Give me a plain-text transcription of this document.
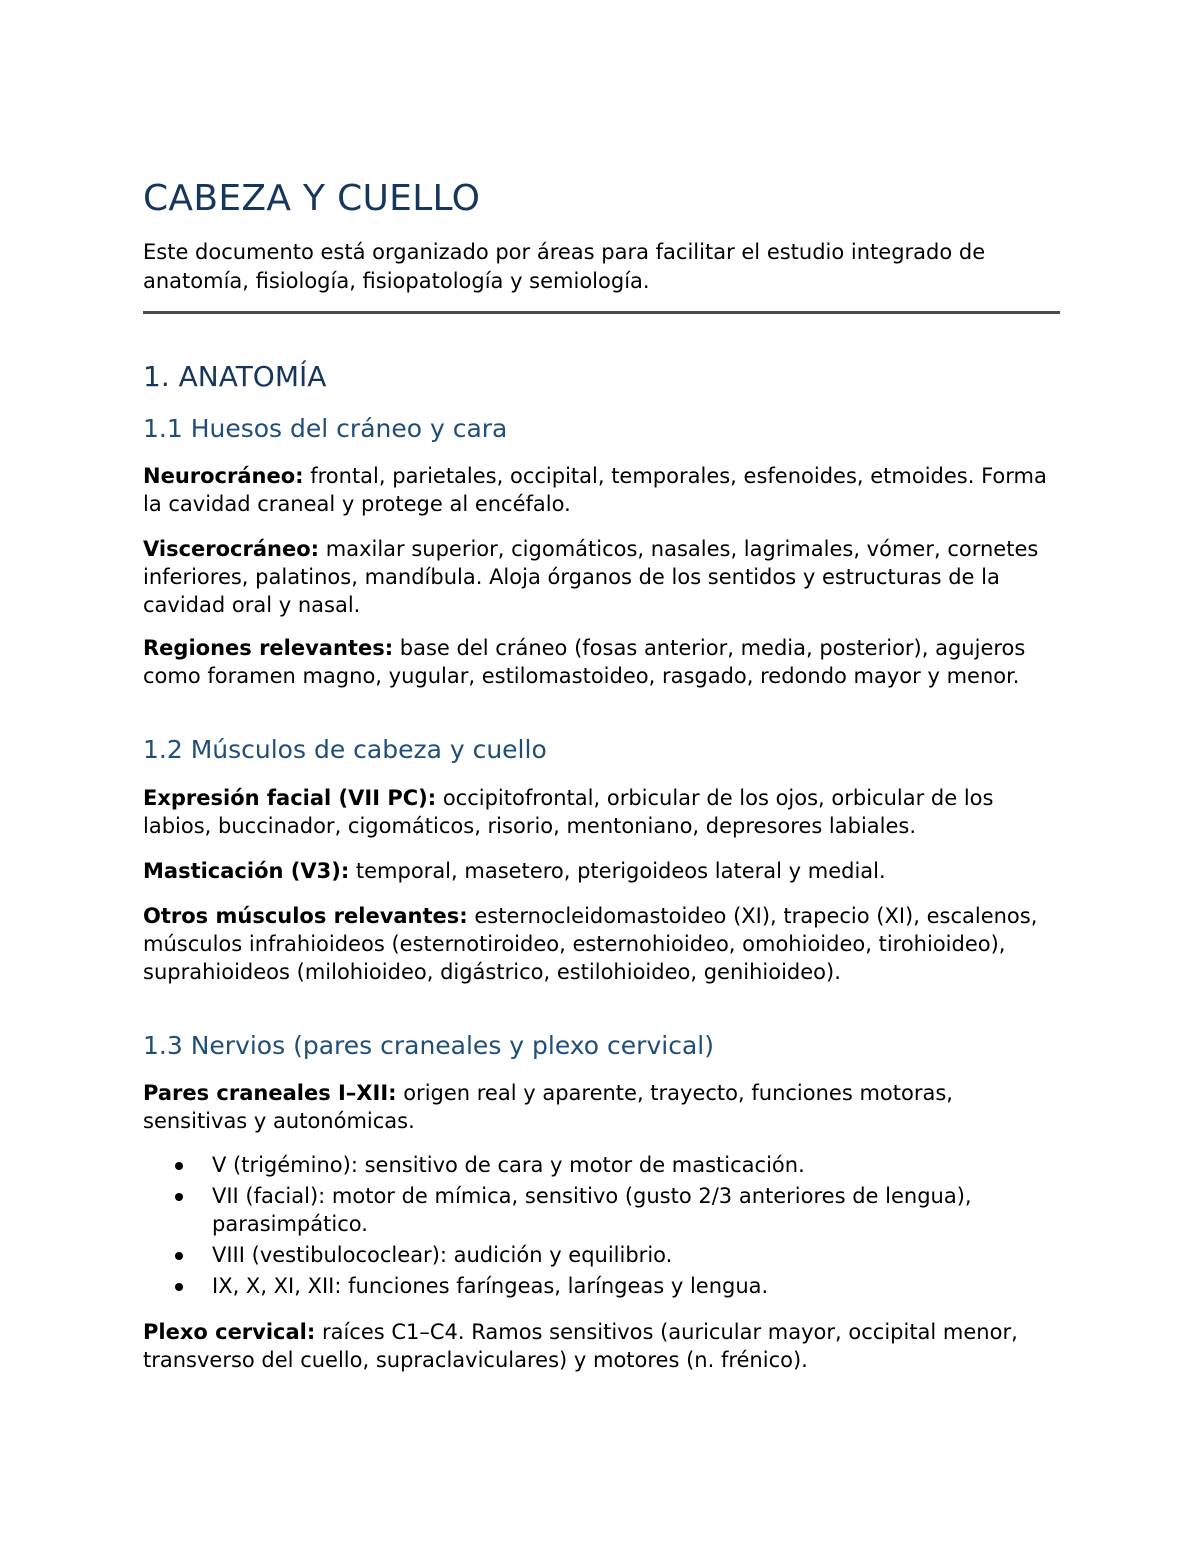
CABEZA Y CUELLO

Este documento está organizado por áreas para facilitar el estudio integrado de anatomía, fisiología, fisiopatología y semiología.

1. ANATOMÍA
1.1 Huesos del cráneo y cara

Neurocráneo: frontal, parietales, occipital, temporales, esfenoides, etmoides. Forma la cavidad craneal y protege al encéfalo.

Viscerocráneo: maxilar superior, cigomáticos, nasales, lagrimales, vómer, cornetes inferiores, palatinos, mandíbula. Aloja órganos de los sentidos y estructuras de la cavidad oral y nasal.

Regiones relevantes: base del cráneo (fosas anterior, media, posterior), agujeros como foramen magno, yugular, estilomastoideo, rasgado, redondo mayor y menor.

1.2 Músculos de cabeza y cuello

Expresión facial (VII PC): occipitofrontal, orbicular de los ojos, orbicular de los labios, buccinador, cigomáticos, risorio, mentoniano, depresores labiales.

Masticación (V3): temporal, masetero, pterigoideos lateral y medial.

Otros músculos relevantes: esternocleidomastoideo (XI), trapecio (XI), escalenos, músculos infrahioideos (esternotiroideo, esternohioideo, omohioideo, tirohioideo), suprahioideos (milohioideo, digástrico, estilohioideo, genihioideo).

1.3 Nervios (pares craneales y plexo cervical)

Pares craneales I–XII: origen real y aparente, trayecto, funciones motoras, sensitivas y autonómicas.

V (trigémino): sensitivo de cara y motor de masticación.
VII (facial): motor de mímica, sensitivo (gusto 2/3 anteriores de lengua), parasimpático.
VIII (vestibulococlear): audición y equilibrio.
IX, X, XI, XII: funciones faríngeas, laríngeas y lengua.

Plexo cervical: raíces C1–C4. Ramos sensitivos (auricular mayor, occipital menor, transverso del cuello, supraclaviculares) y motores (n. frénico).
